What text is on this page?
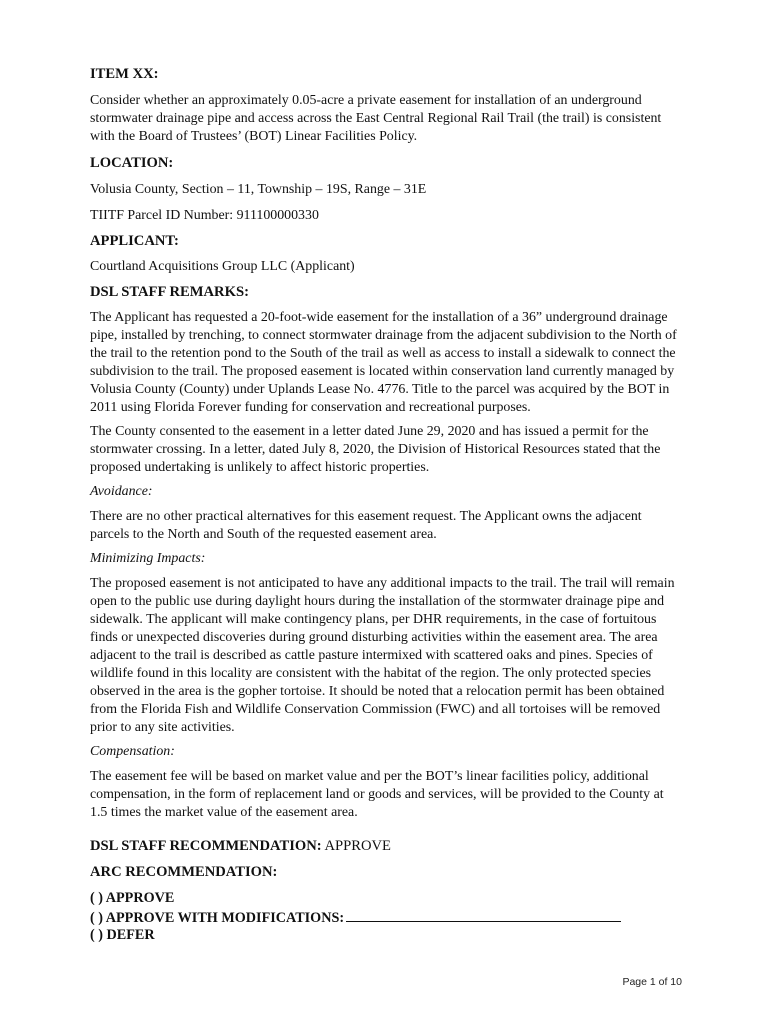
ITEM XX:

Consider whether an approximately 0.05-acre a private easement for installation of an underground stormwater drainage pipe and access across the East Central Regional Rail Trail (the trail) is consistent with the Board of Trustees’ (BOT) Linear Facilities Policy.

LOCATION:

Volusia County, Section – 11, Township – 19S, Range – 31E

TIITF Parcel ID Number: 911100000330

APPLICANT:

Courtland Acquisitions Group LLC (Applicant)

DSL STAFF REMARKS:

The Applicant has requested a 20-foot-wide easement for the installation of a 36” underground drainage pipe, installed by trenching, to connect stormwater drainage from the adjacent subdivision to the North of the trail to the retention pond to the South of the trail as well as access to install a sidewalk to connect the subdivision to the trail. The proposed easement is located within conservation land currently managed by Volusia County (County) under Uplands Lease No. 4776. Title to the parcel was acquired by the BOT in 2011 using Florida Forever funding for conservation and recreational purposes.

The County consented to the easement in a letter dated June 29, 2020 and has issued a permit for the stormwater crossing. In a letter, dated July 8, 2020, the Division of Historical Resources stated that the proposed undertaking is unlikely to affect historic properties.

Avoidance:

There are no other practical alternatives for this easement request. The Applicant owns the adjacent parcels to the North and South of the requested easement area.

Minimizing Impacts:

The proposed easement is not anticipated to have any additional impacts to the trail. The trail will remain open to the public use during daylight hours during the installation of the stormwater drainage pipe and sidewalk. The applicant will make contingency plans, per DHR requirements, in the case of fortuitous finds or unexpected discoveries during ground disturbing activities within the easement area. The area adjacent to the trail is described as cattle pasture intermixed with scattered oaks and pines. Species of wildlife found in this locality are consistent with the habitat of the region. The only protected species observed in the area is the gopher tortoise. It should be noted that a relocation permit has been obtained from the Florida Fish and Wildlife Conservation Commission (FWC) and all tortoises will be removed prior to any site activities.

Compensation:

The easement fee will be based on market value and per the BOT’s linear facilities policy, additional compensation, in the form of replacement land or goods and services, will be provided to the County at 1.5 times the market value of the easement area.

DSL STAFF RECOMMENDATION: APPROVE

ARC RECOMMENDATION:

( ) APPROVE

( ) APPROVE WITH MODIFICATIONS:

( ) DEFER

Page 1 of 10
